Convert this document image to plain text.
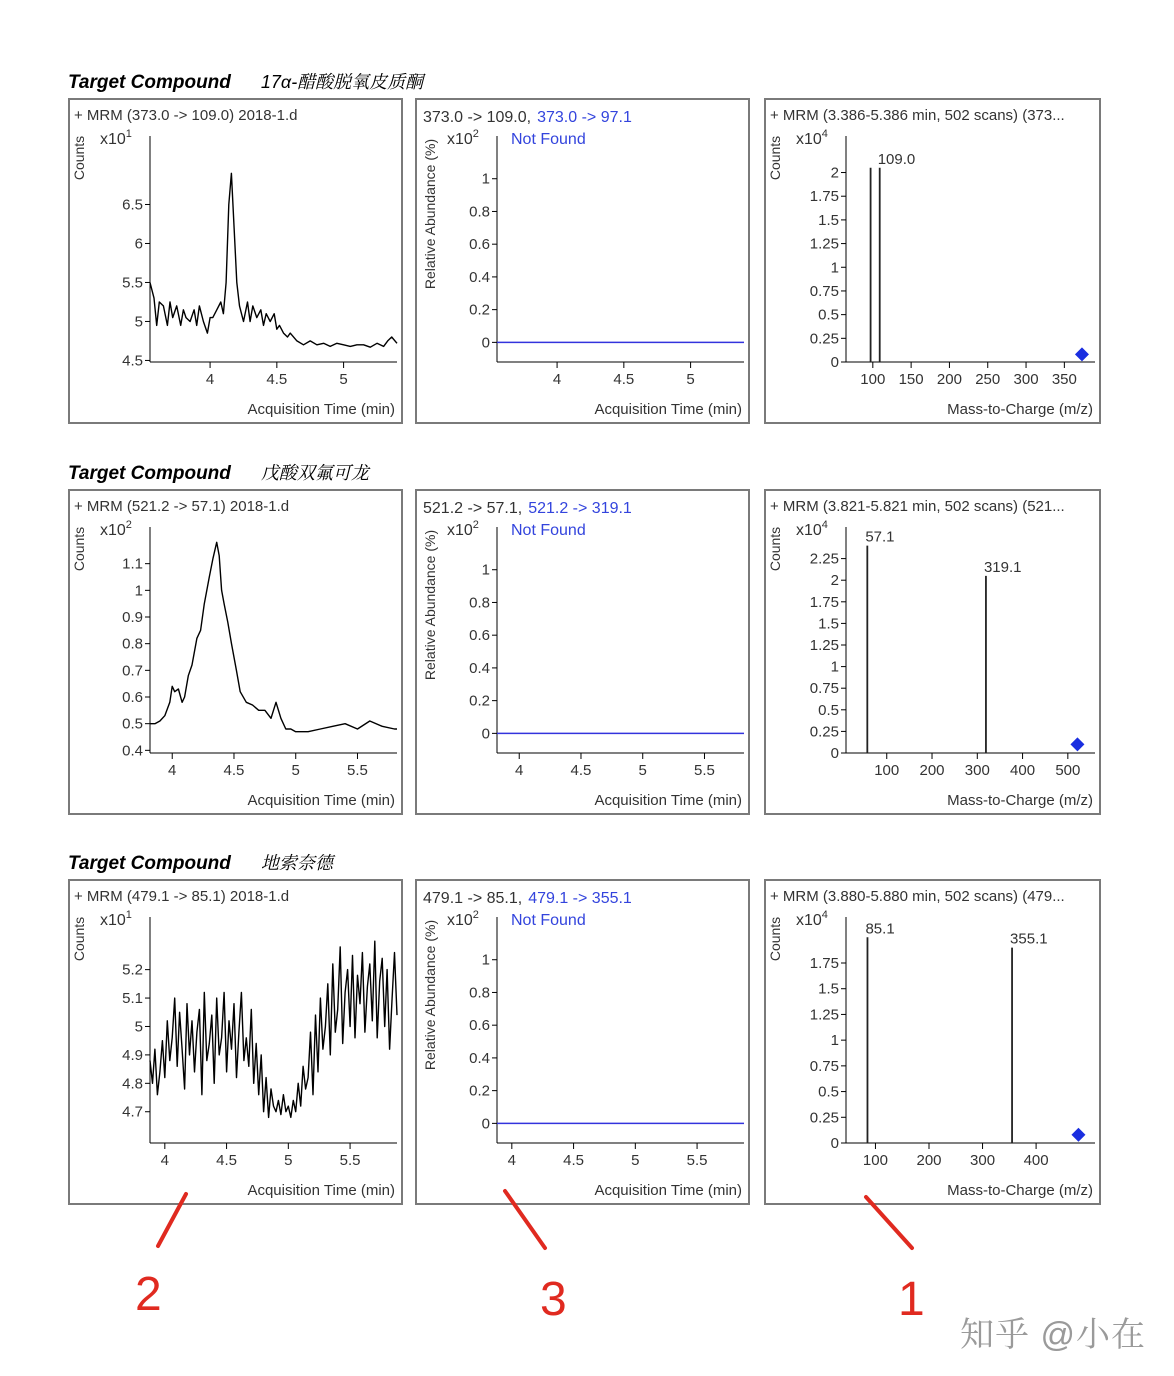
Target Compound 17α-醋酸脱氧皮质酮
+ MRM (373.0 -> 109.0) 2018-1.d
Counts $x10^1$
4.5
5
5.5
6
6.5
4	4.5	5
Acquisition Time (min)
373.0 -> 109.0, 373.0 -> 97.1
Relative Abundance (%) $x10^2$ Not Found
0
0.2
0.4
0.6
0.8
1
4	4.5	5
Acquisition Time (min)
+ MRM (3.386-5.386 min, 502 scans) (373...
Counts $x10^4$
0
0.25
0.5
0.75
1
1.25
1.5
1.75
2
100 150 200 250 300 350
Mass-to-Charge (m/z)
109.0
Target Compound 戊酸双氟可龙
+ MRM (521.2 -> 57.1) 2018-1.d
Counts $x10^2$
0.4
0.5
0.6
0.7
0.8
0.9
1
1.1
4	4.5	5	5.5
Acquisition Time (min)
521.2 -> 57.1, 521.2 -> 319.1
Relative Abundance (%) $x10^2$ Not Found
0
0.2
0.4
0.6
0.8
1
4	4.5	5	5.5
Acquisition Time (min)
+ MRM (3.821-5.821 min, 502 scans) (521...
Counts $x10^4$
0
0.25
0.5
0.75
1
1.25
1.5
1.75
2
2.25
100 200 300 400 500
Mass-to-Charge (m/z)
57.1
319.1
Target Compound 地索奈德
+ MRM (479.1 -> 85.1) 2018-1.d
Counts $x10^1$
4.7
4.8
4.9
5
5.1
5.2
4	4.5	5	5.5
Acquisition Time (min)
479.1 -> 85.1, 479.1 -> 355.1
Relative Abundance (%) $x10^2$ Not Found
0
0.2
0.4
0.6
0.8
1
4	4.5	5	5.5
Acquisition Time (min)
+ MRM (3.880-5.880 min, 502 scans) (479...
Counts $x10^4$
0
0.25
0.5
0.75
1
1.25
1.5
1.75
100 200 300 400
Mass-to-Charge (m/z)
85.1
355.1
2	3	1
知乎 @小在
